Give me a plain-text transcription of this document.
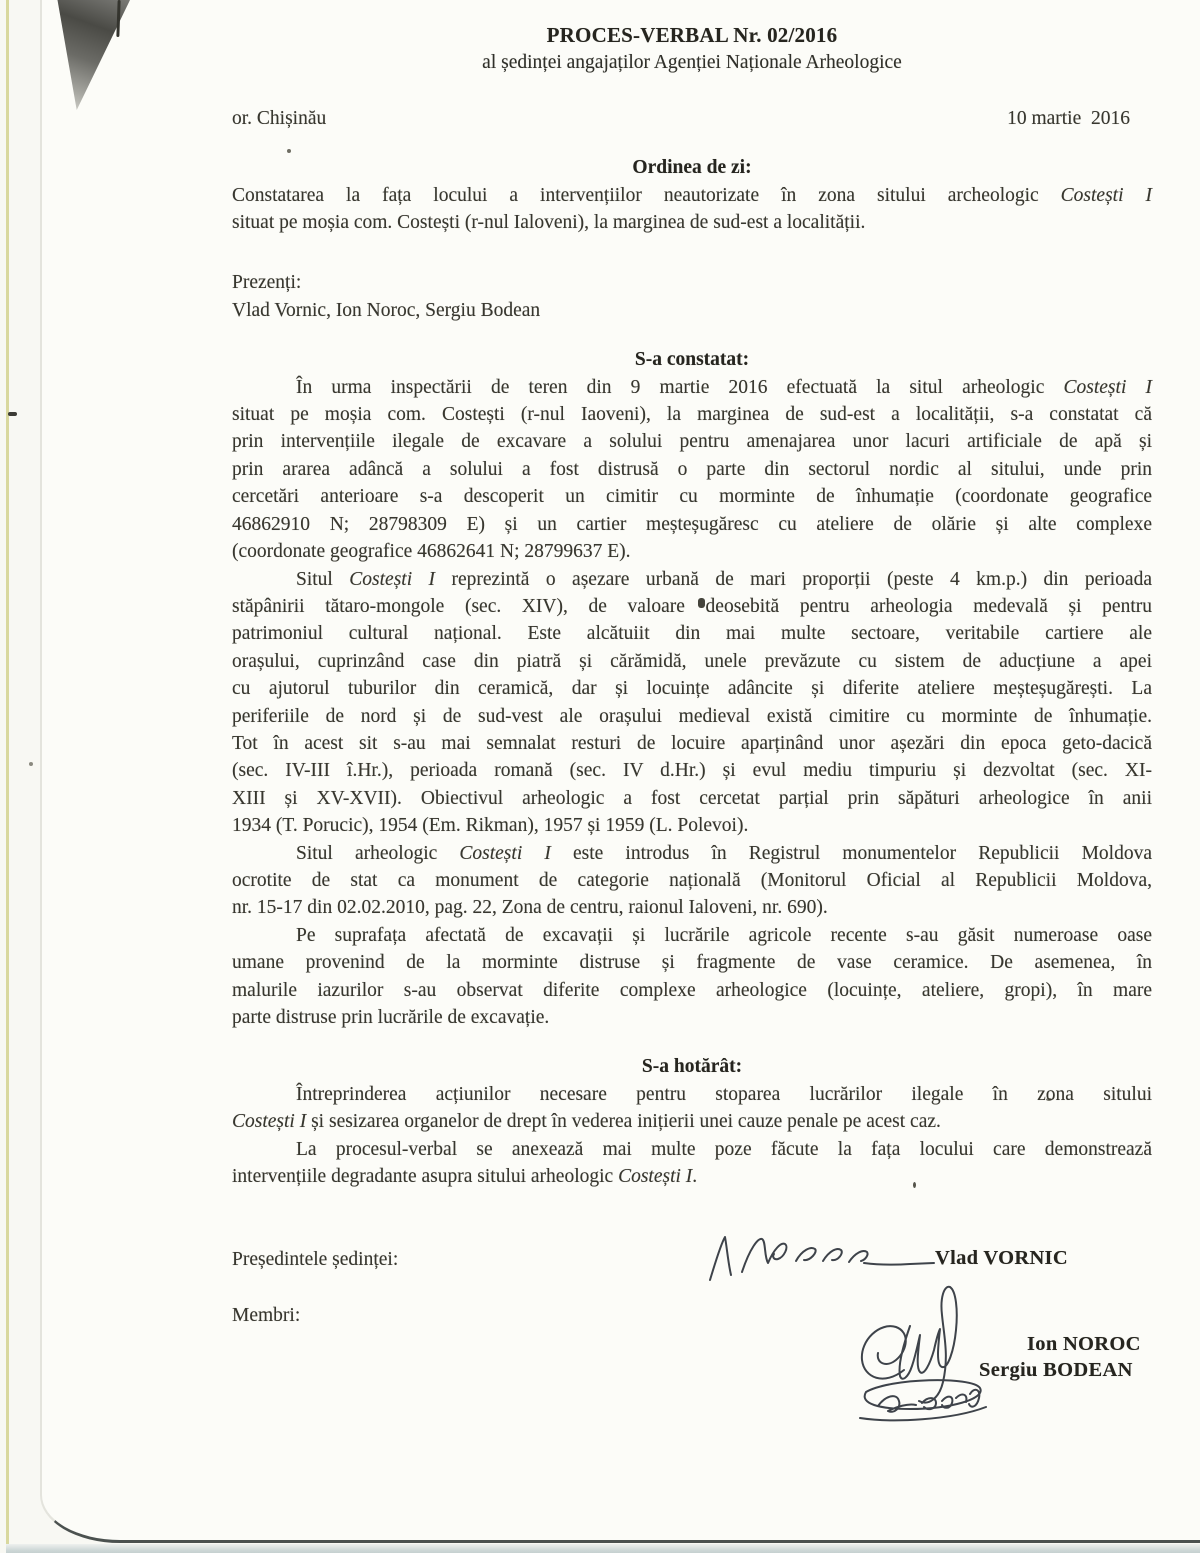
PROCES-VERBAL Nr. 02/2016
al ședinței angajaților Agenției Naționale Arheologice
or. Chișinău	10 martie  2016
Ordinea de zi:
Constatarea la fața locului a intervențiilor neautorizate în zona sitului archeologic Costești I
situat pe moșia com. Costești (r-nul Ialoveni), la marginea de sud-est a localității.
Prezenți:
Vlad Vornic, Ion Noroc, Sergiu Bodean
S-a constatat:
În urma inspectării de teren din 9 martie 2016 efectuată la situl arheologic Costești I
situat pe moșia com. Costești (r-nul Iaoveni), la marginea de sud-est a localității, s-a constatat că
prin intervențiile ilegale de excavare a solului pentru amenajarea unor lacuri artificiale de apă și
prin ararea adâncă a solului a fost distrusă o parte din sectorul nordic al sitului, unde prin
cercetări anterioare s-a descoperit un cimitir cu morminte de înhumație (coordonate geografice
46862910 N; 28798309 E) și un cartier meșteșugăresc cu ateliere de olărie și alte complexe
(coordonate geografice 46862641 N; 28799637 E).
Situl Costești I reprezintă o așezare urbană de mari proporții (peste 4 km.p.) din perioada
stăpânirii tătaro-mongole (sec. XIV), de valoare deosebită pentru arheologia medevală și pentru
patrimoniul cultural național. Este alcătuiit din mai multe sectoare, veritabile cartiere ale
orașului, cuprinzând case din piatră și cărămidă, unele prevăzute cu sistem de aducțiune a apei
cu ajutorul tuburilor din ceramică, dar și locuințe adâncite și diferite ateliere meșteșugărești. La
periferiile de nord și de sud-vest ale orașului medieval există cimitire cu morminte de înhumație.
Tot în acest sit s-au mai semnalat resturi de locuire aparținând unor așezări din epoca geto-dacică
(sec. IV-III î.Hr.), perioada romană (sec. IV d.Hr.) și evul mediu timpuriu și dezvoltat (sec. XI-
XIII și XV-XVII). Obiectivul arheologic a fost cercetat parțial prin săpături arheologice în anii
1934 (T. Porucic), 1954 (Em. Rikman), 1957 și 1959 (L. Polevoi).
Situl arheologic Costești I este introdus în Registrul monumentelor Republicii Moldova
ocrotite de stat ca monument de categorie națională (Monitorul Oficial al Republicii Moldova,
nr. 15-17 din 02.02.2010, pag. 22, Zona de centru, raionul Ialoveni, nr. 690).
Pe suprafața afectată de excavații și lucrările agricole recente s-au găsit numeroase oase
umane provenind de la morminte distruse și fragmente de vase ceramice. De asemenea, în
malurile iazurilor s-au observat diferite complexe arheologice (locuințe, ateliere, gropi), în mare
parte distruse prin lucrările de excavație.
S-a hotărât:
Întreprinderea acțiunilor necesare pentru stoparea lucrărilor ilegale în zona sitului
Costești I și sesizarea organelor de drept în vederea inițierii unei cauze penale pe acest caz.
La procesul-verbal se anexează mai multe poze făcute la fața locului care demonstrează
intervențiile degradante asupra sitului arheologic Costești I.
Președintele ședinței:
Membri:
Vlad VORNIC
Ion NOROC
Sergiu BODEAN
